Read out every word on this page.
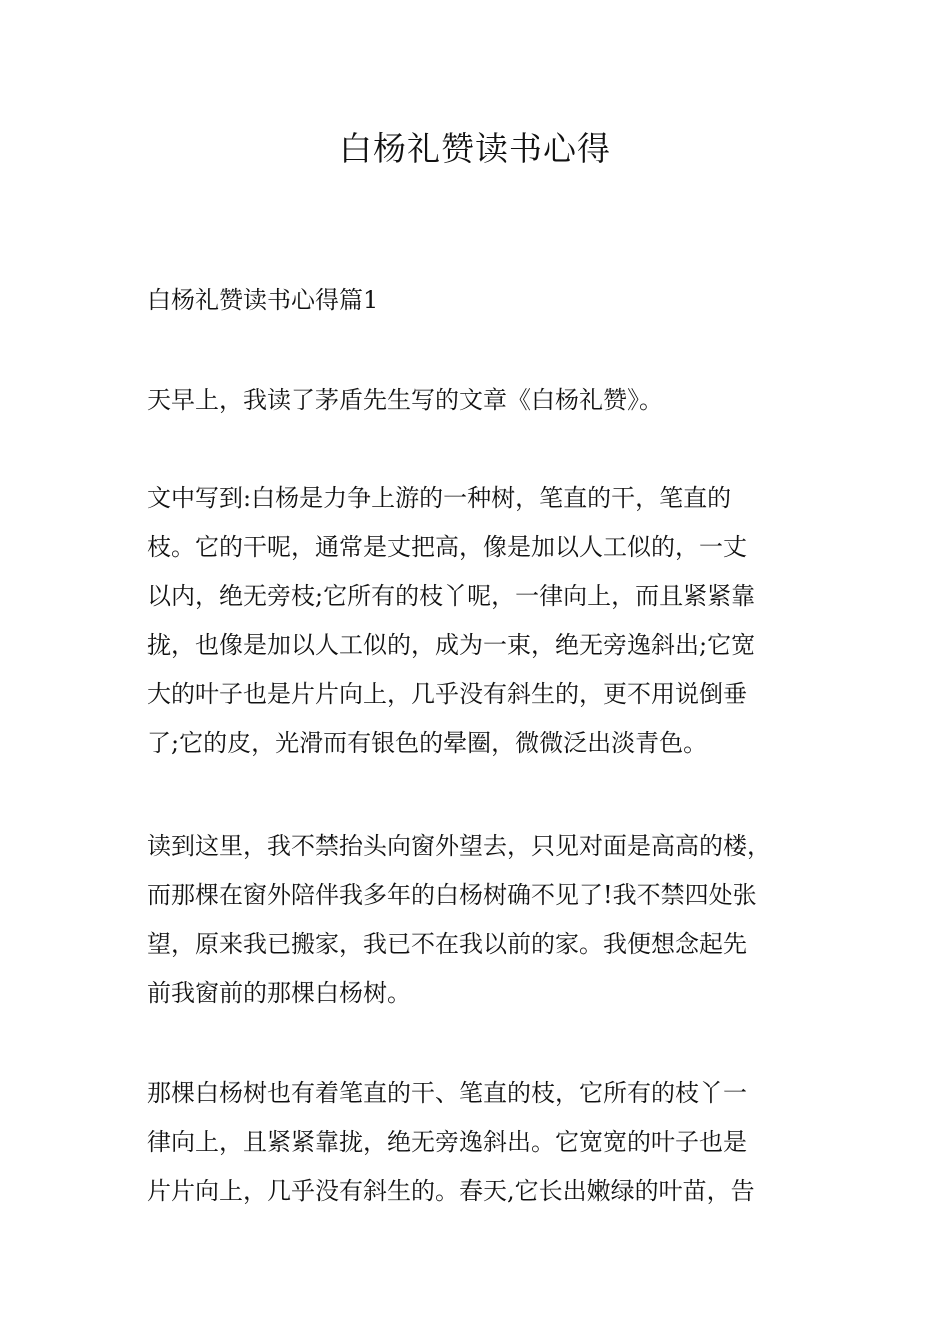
白杨礼赞读书心得

白杨礼赞读书心得篇1

天早上，我读了茅盾先生写的文章《白杨礼赞》。

文中写到:白杨是力争上游的一种树，笔直的干，笔直的
枝。它的干呢，通常是丈把高，像是加以人工似的，一丈
以内，绝无旁枝;它所有的枝丫呢，一律向上，而且紧紧靠
拢，也像是加以人工似的，成为一束，绝无旁逸斜出;它宽
大的叶子也是片片向上，几乎没有斜生的，更不用说倒垂
了;它的皮，光滑而有银色的晕圈，微微泛出淡青色。

读到这里，我不禁抬头向窗外望去，只见对面是高高的楼，
而那棵在窗外陪伴我多年的白杨树确不见了!我不禁四处张
望，原来我已搬家，我已不在我以前的家。我便想念起先
前我窗前的那棵白杨树。

那棵白杨树也有着笔直的干、笔直的枝，它所有的枝丫一
律向上，且紧紧靠拢，绝无旁逸斜出。它宽宽的叶子也是
片片向上，几乎没有斜生的。春天,它长出嫩绿的叶苗，告
